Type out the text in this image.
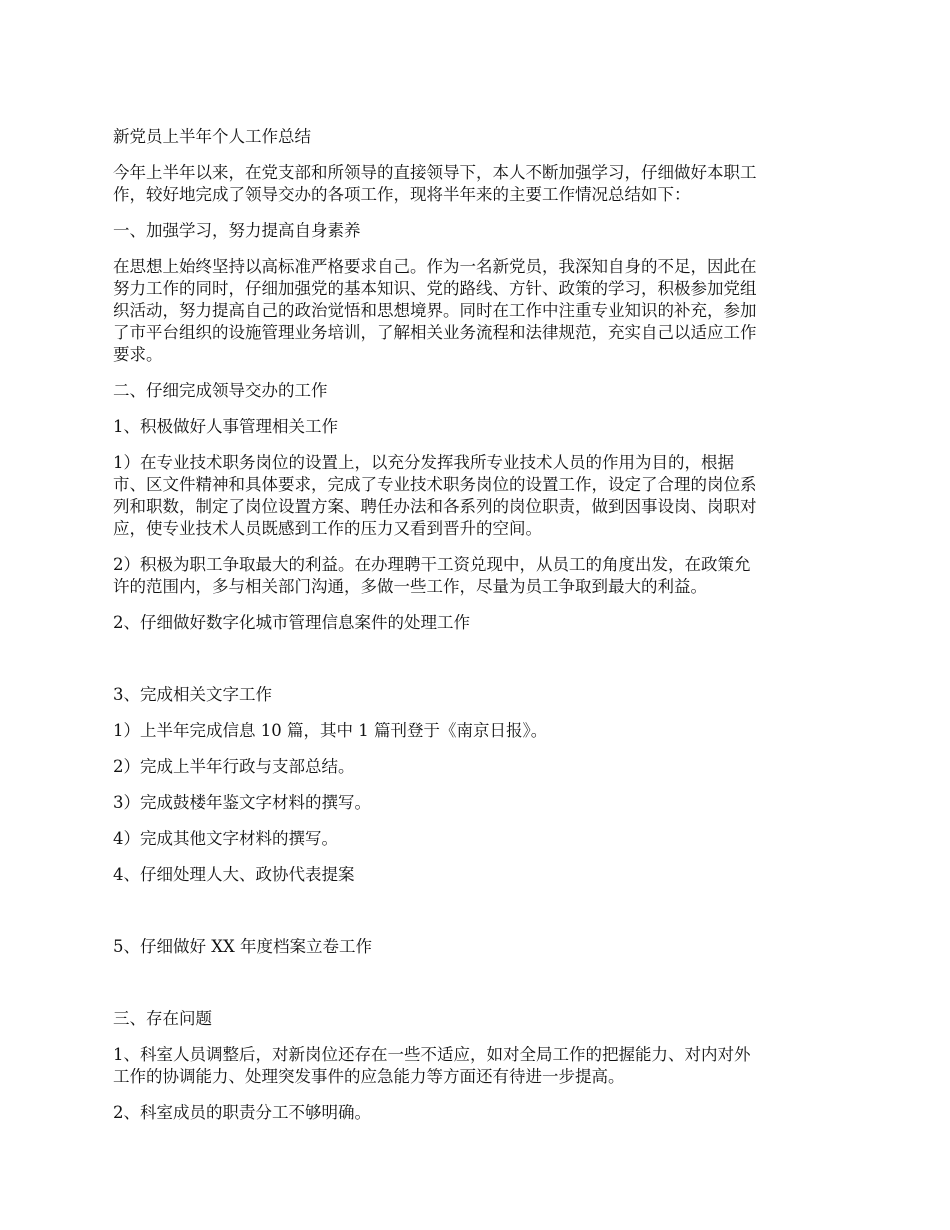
新党员上半年个人工作总结

今年上半年以来，在党支部和所领导的直接领导下，本人不断加强学习，仔细做好本职工
作，较好地完成了领导交办的各项工作，现将半年来的主要工作情况总结如下：

一、加强学习，努力提高自身素养

在思想上始终坚持以高标准严格要求自己。作为一名新党员，我深知自身的不足，因此在
努力工作的同时，仔细加强党的基本知识、党的路线、方针、政策的学习，积极参加党组
织活动，努力提高自己的政治觉悟和思想境界。同时在工作中注重专业知识的补充，参加
了市平台组织的设施管理业务培训，了解相关业务流程和法律规范，充实自己以适应工作
要求。

二、仔细完成领导交办的工作

1、积极做好人事管理相关工作

1）在专业技术职务岗位的设置上，以充分发挥我所专业技术人员的作用为目的，根据
市、区文件精神和具体要求，完成了专业技术职务岗位的设置工作，设定了合理的岗位系
列和职数，制定了岗位设置方案、聘任办法和各系列的岗位职责，做到因事设岗、岗职对
应，使专业技术人员既感到工作的压力又看到晋升的空间。

2）积极为职工争取最大的利益。在办理聘干工资兑现中，从员工的角度出发，在政策允
许的范围内，多与相关部门沟通，多做一些工作，尽量为员工争取到最大的利益。

2、仔细做好数字化城市管理信息案件的处理工作

3、完成相关文字工作

1）上半年完成信息 10 篇，其中 1 篇刊登于《南京日报》。

2）完成上半年行政与支部总结。

3）完成鼓楼年鉴文字材料的撰写。

4）完成其他文字材料的撰写。

4、仔细处理人大、政协代表提案

5、仔细做好 XX 年度档案立卷工作

三、存在问题

1、科室人员调整后，对新岗位还存在一些不适应，如对全局工作的把握能力、对内对外
工作的协调能力、处理突发事件的应急能力等方面还有待进一步提高。

2、科室成员的职责分工不够明确。
